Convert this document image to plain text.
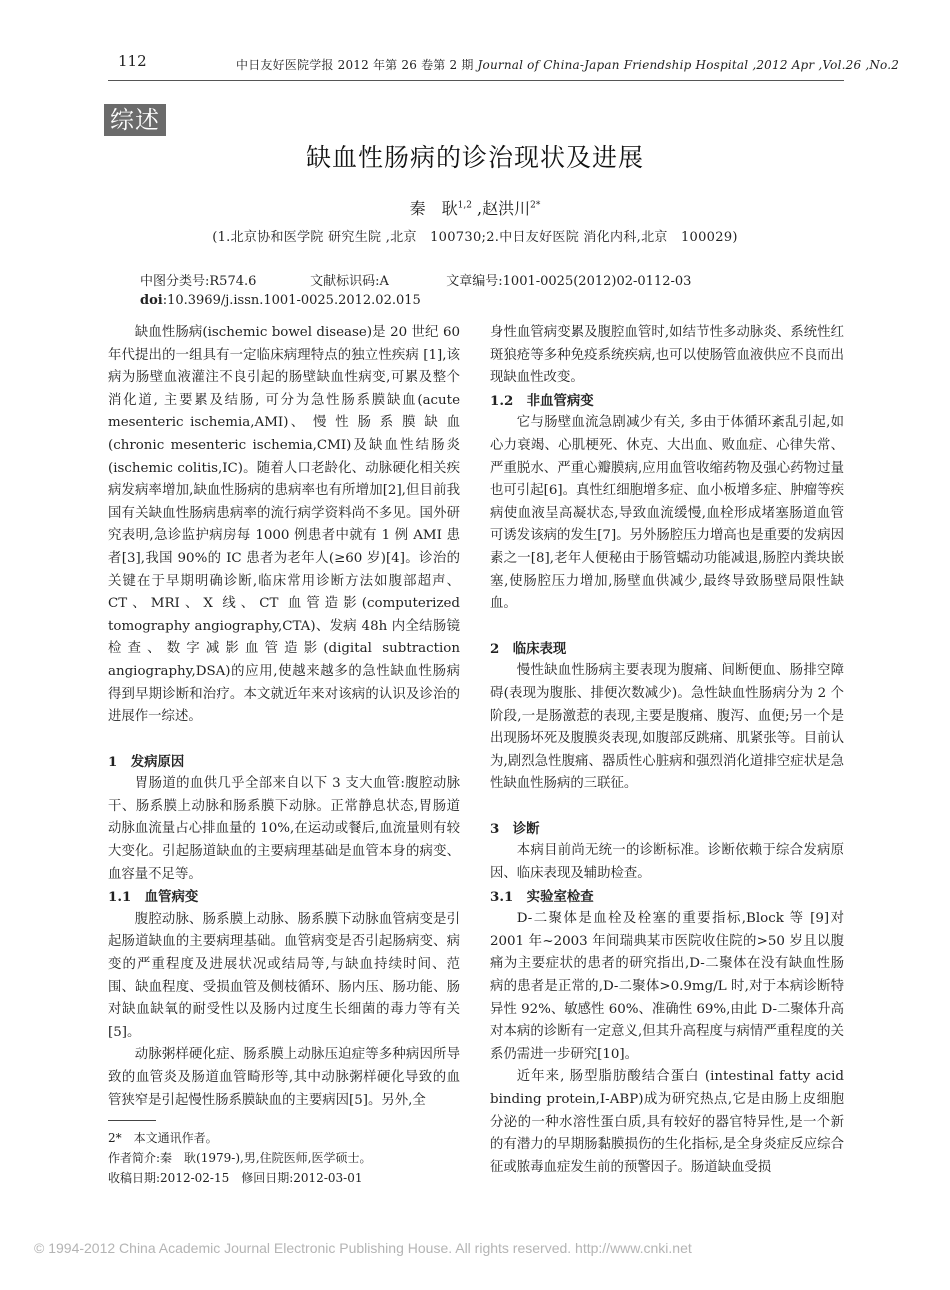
112	中日友好医院学报 2012 年第 26 卷第 2 期 Journal of China-Japan Friendship Hospital ,2012 Apr ,Vol.26 ,No.2
综述
缺血性肠病的诊治现状及进展
秦　耿$^{1,2}$ ,赵洪川$^{2*}$
(1.北京协和医学院 研究生院 ,北京　100730;2.中日友好医院 消化内科,北京　100029)
中图分类号:R574.6	文献标识码:A	文章编号:1001-0025(2012)02-0112-03
doi:10.3969/j.issn.1001-0025.2012.02.015

缺血性肠病(ischemic bowel disease)是 20 世纪 60 年代提出的一组具有一定临床病理特点的独立性疾病 [1],该病为肠壁血液灌注不良引起的肠壁缺血性病变,可累及整个消化道, 主要累及结肠, 可分为急性肠系膜缺血(acute mesenteric ischemia,AMI)、 慢 性 肠 系 膜 缺 血 (chronic mesenteric ischemia,CMI)及缺血性结肠炎(ischemic colitis,IC)。随着人口老龄化、动脉硬化相关疾病发病率增加,缺血性肠病的患病率也有所增加[2],但目前我国有关缺血性肠病患病率的流行病学资料尚不多见。国外研究表明,急诊监护病房每 1000 例患者中就有 1 例 AMI 患者[3],我国 90%的 IC 患者为老年人(≥60 岁)[4]。诊治的关键在于早期明确诊断,临床常用诊断方法如腹部超声、CT、MRI、X 线、CT 血管造影(computerized tomography angiography,CTA)、发病 48h 内全结肠镜检查、数字减影血管造影(digital subtraction angiography,DSA)的应用,使越来越多的急性缺血性肠病得到早期诊断和治疗。本文就近年来对该病的认识及诊治的进展作一综述。

1　发病原因

胃肠道的血供几乎全部来自以下 3 支大血管:腹腔动脉干、肠系膜上动脉和肠系膜下动脉。正常静息状态,胃肠道动脉血流量占心排血量的 10%,在运动或餐后,血流量则有较大变化。引起肠道缺血的主要病理基础是血管本身的病变、血容量不足等。

1.1　血管病变

腹腔动脉、肠系膜上动脉、肠系膜下动脉血管病变是引起肠道缺血的主要病理基础。血管病变是否引起肠病变、病变的严重程度及进展状况或结局等,与缺血持续时间、范围、缺血程度、受损血管及侧枝循环、肠内压、肠功能、肠对缺血缺氧的耐受性以及肠内过度生长细菌的毒力等有关[5]。

动脉粥样硬化症、肠系膜上动脉压迫症等多种病因所导致的血管炎及肠道血管畸形等,其中动脉粥样硬化导致的血管狭窄是引起慢性肠系膜缺血的主要病因[5]。另外,全

身性血管病变累及腹腔血管时,如结节性多动脉炎、系统性红斑狼疮等多种免疫系统疾病,也可以使肠管血液供应不良而出现缺血性改变。

1.2　非血管病变

它与肠壁血流急剧减少有关, 多由于体循环紊乱引起,如心力衰竭、心肌梗死、休克、大出血、败血症、心律失常、严重脱水、严重心瓣膜病,应用血管收缩药物及强心药物过量也可引起[6]。真性红细胞增多症、血小板增多症、肿瘤等疾病使血液呈高凝状态,导致血流缓慢,血栓形成堵塞肠道血管可诱发该病的发生[7]。另外肠腔压力增高也是重要的发病因素之一[8],老年人便秘由于肠管蠕动功能减退,肠腔内粪块嵌塞,使肠腔压力增加,肠壁血供减少,最终导致肠壁局限性缺血。

2　临床表现

慢性缺血性肠病主要表现为腹痛、间断便血、肠排空障碍(表现为腹胀、排便次数减少)。急性缺血性肠病分为 2 个阶段,一是肠激惹的表现,主要是腹痛、腹泻、血便;另一个是出现肠坏死及腹膜炎表现,如腹部反跳痛、肌紧张等。目前认为,剧烈急性腹痛、器质性心脏病和强烈消化道排空症状是急性缺血性肠病的三联征。

3　诊断

本病目前尚无统一的诊断标准。诊断依赖于综合发病原因、临床表现及辅助检查。

3.1　实验室检查

D-二聚体是血栓及栓塞的重要指标,Block 等 [9]对 2001 年~2003 年间瑞典某市医院收住院的>50 岁且以腹痛为主要症状的患者的研究指出,D-二聚体在没有缺血性肠病的患者是正常的,D-二聚体>0.9mg/L 时,对于本病诊断特异性 92%、敏感性 60%、准确性 69%,由此 D-二聚体升高对本病的诊断有一定意义,但其升高程度与病情严重程度的关系仍需进一步研究[10]。

近年来, 肠型脂肪酸结合蛋白 (intestinal fatty acid binding protein,I-ABP)成为研究热点,它是由肠上皮细胞分泌的一种水溶性蛋白质,具有较好的器官特异性,是一个新的有潜力的早期肠黏膜损伤的生化指标,是全身炎症反应综合征或脓毒血症发生前的预警因子。肠道缺血受损

2*　本文通讯作者。
作者简介:秦　耿(1979-),男,住院医师,医学硕士。
收稿日期:2012-02-15　修回日期:2012-03-01
© 1994-2012 China Academic Journal Electronic Publishing House. All rights reserved. http://www.cnki.net
